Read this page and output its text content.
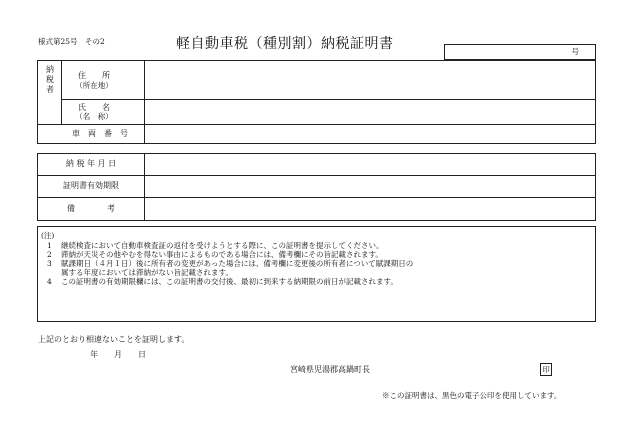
様式第25号　その2	軽自動車税（種別割）納税証明書	号
納
税
者
住　　所
（所在地）
氏　　名
（名　称）
車　両　番　号
納 税 年 月 日
証明書有効期限
備　　　　考
(注)
1 継続検査において自動車検査証の返付を受けようとする際に、この証明書を提示してください。
2 滞納が天災その他やむを得ない事由によるものである場合には、備考欄にその旨記載されます。
3 賦課期日（４月１日）後に所有者の変更があった場合には、備考欄に変更後の所有者について賦課期日の
属する年度においては滞納がない旨記載されます。
4 この証明書の有効期限欄には、この証明書の交付後、最初に到来する納期限の前日が記載されます。
上記のとおり相違ないことを証明します。
年　　月　　日
宮崎県児湯郡高鍋町長	印
※この証明書は、黒色の電子公印を使用しています。
